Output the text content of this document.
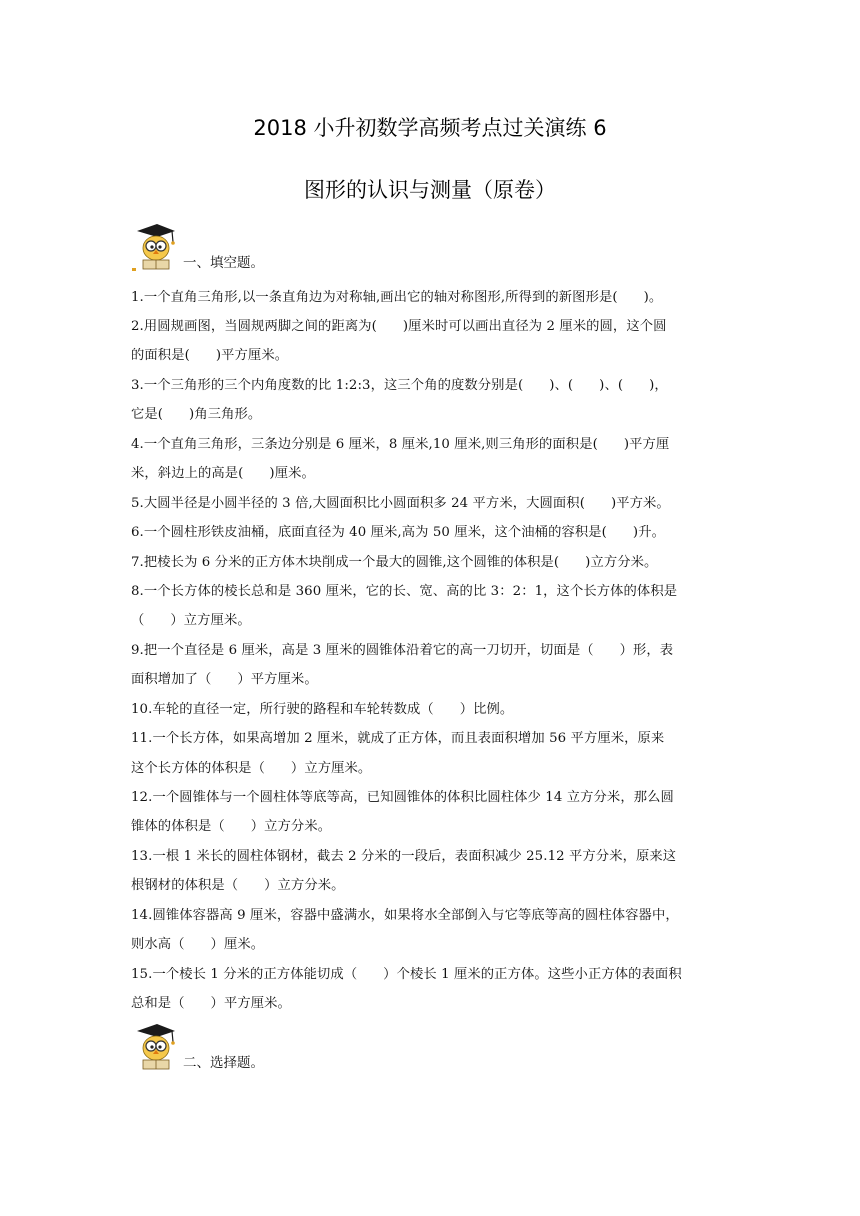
2018 小升初数学高频考点过关演练 6
图形的认识与测量（原卷）
一、填空题。
1.一个直角三角形,以一条直角边为对称轴,画出它的轴对称图形,所得到的新图形是(      )。
2.用圆规画图，当圆规两脚之间的距离为(      )厘米时可以画出直径为 2 厘米的圆，这个圆
的面积是(      )平方厘米。
3.一个三角形的三个内角度数的比 1:2:3，这三个角的度数分别是(      )、(      )、(      )，
它是(      )角三角形。
4.一个直角三角形，三条边分别是 6 厘米，8 厘米,10 厘米,则三角形的面积是(      )平方厘
米，斜边上的高是(      )厘米。
5.大圆半径是小圆半径的 3 倍,大圆面积比小圆面积多 24 平方米，大圆面积(      )平方米。
6.一个圆柱形铁皮油桶，底面直径为 40 厘米,高为 50 厘米，这个油桶的容积是(      )升。
7.把棱长为 6 分米的正方体木块削成一个最大的圆锥,这个圆锥的体积是(      )立方分米。
8.一个长方体的棱长总和是 360 厘米，它的长、宽、高的比 3：2：1，这个长方体的体积是
（      ）立方厘米。
9.把一个直径是 6 厘米，高是 3 厘米的圆锥体沿着它的高一刀切开，切面是（      ）形，表
面积增加了（      ）平方厘米。
10.车轮的直径一定，所行驶的路程和车轮转数成（      ）比例。
11.一个长方体，如果高增加 2 厘米，就成了正方体，而且表面积增加 56 平方厘米，原来
这个长方体的体积是（      ）立方厘米。
12.一个圆锥体与一个圆柱体等底等高，已知圆锥体的体积比圆柱体少 14 立方分米，那么圆
锥体的体积是（      ）立方分米。
13.一根 1 米长的圆柱体钢材，截去 2 分米的一段后，表面积减少 25.12 平方分米，原来这
根钢材的体积是（      ）立方分米。
14.圆锥体容器高 9 厘米，容器中盛满水，如果将水全部倒入与它等底等高的圆柱体容器中，
则水高（      ）厘米。
15.一个棱长 1 分米的正方体能切成（      ）个棱长 1 厘米的正方体。这些小正方体的表面积
总和是（      ）平方厘米。
二、选择题。
